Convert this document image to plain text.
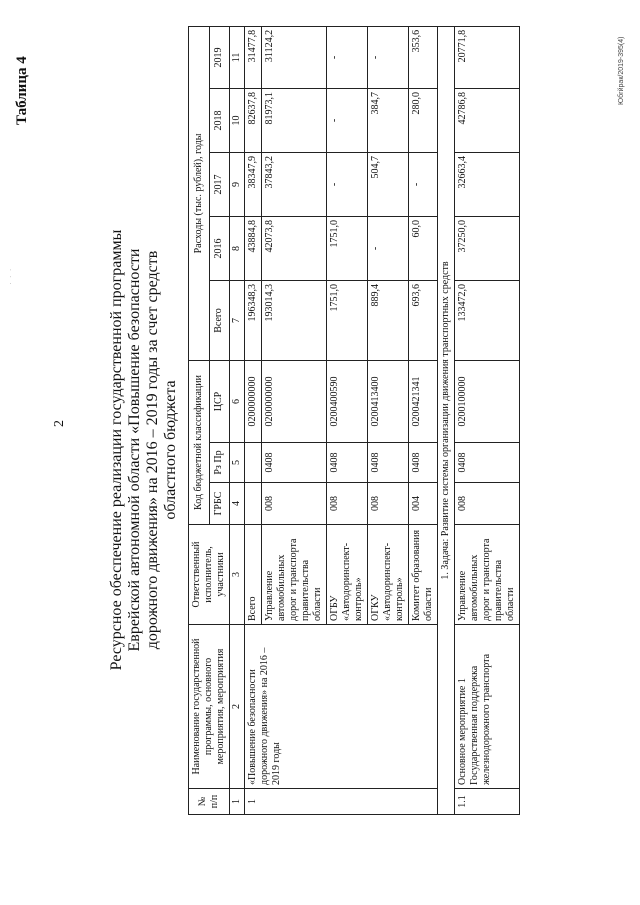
2
Таблица 4
Ресурсное обеспечение реализации государственной программы Еврейской автономной области «Повышение безопасности дорожного движения» на 2016 – 2019 годы за счет средств областного бюджета
· · ·
№ п/п	Наименование государственной программы, основного мероприятия, мероприятия	Ответственный исполнитель, участники	Код бюджетной классификации			Расходы (тыс. рублей), годы				
			ГРБС	Рз Пр	ЦСР	Всего	2016	2017	2018	2019
1	2	3	4	5	6	7	8	9	10	11
1	«Повышение безопасности дорожного движения» на 2016 – 2019 годы	Всего			0200000000	196348,3	43884,8	38347,9	82637,8	31477,8
		Управление автомобильных дорог и транспорта правительства области	008	0408	0200000000	193014,3	42073,8	37843,2	81973,1	31124,2
		ОГБУ «Автодоринспект-контроль»	008	0408	0200400590	1751,0	1751,0	-	-	-
		ОГКУ «Автодоринспект-контроль»	008	0408	0200413400	889,4	-	504,7	384,7	-
		Комитет образования области	004	0408	0200421341	693,6	60,0	-	280,0	353,6
1. Задача: Развитие системы организации движения транспортных средств										
1.1	Основное мероприятие 1 Государственная поддержка железнодорожного транспорта	Управление автомобильных дорог и транспорта правительства области	008	0408	0200100000	133472,0	37250,0	32663,4	42786,8	20771,8	Юбгйрак/2019-395(4)
